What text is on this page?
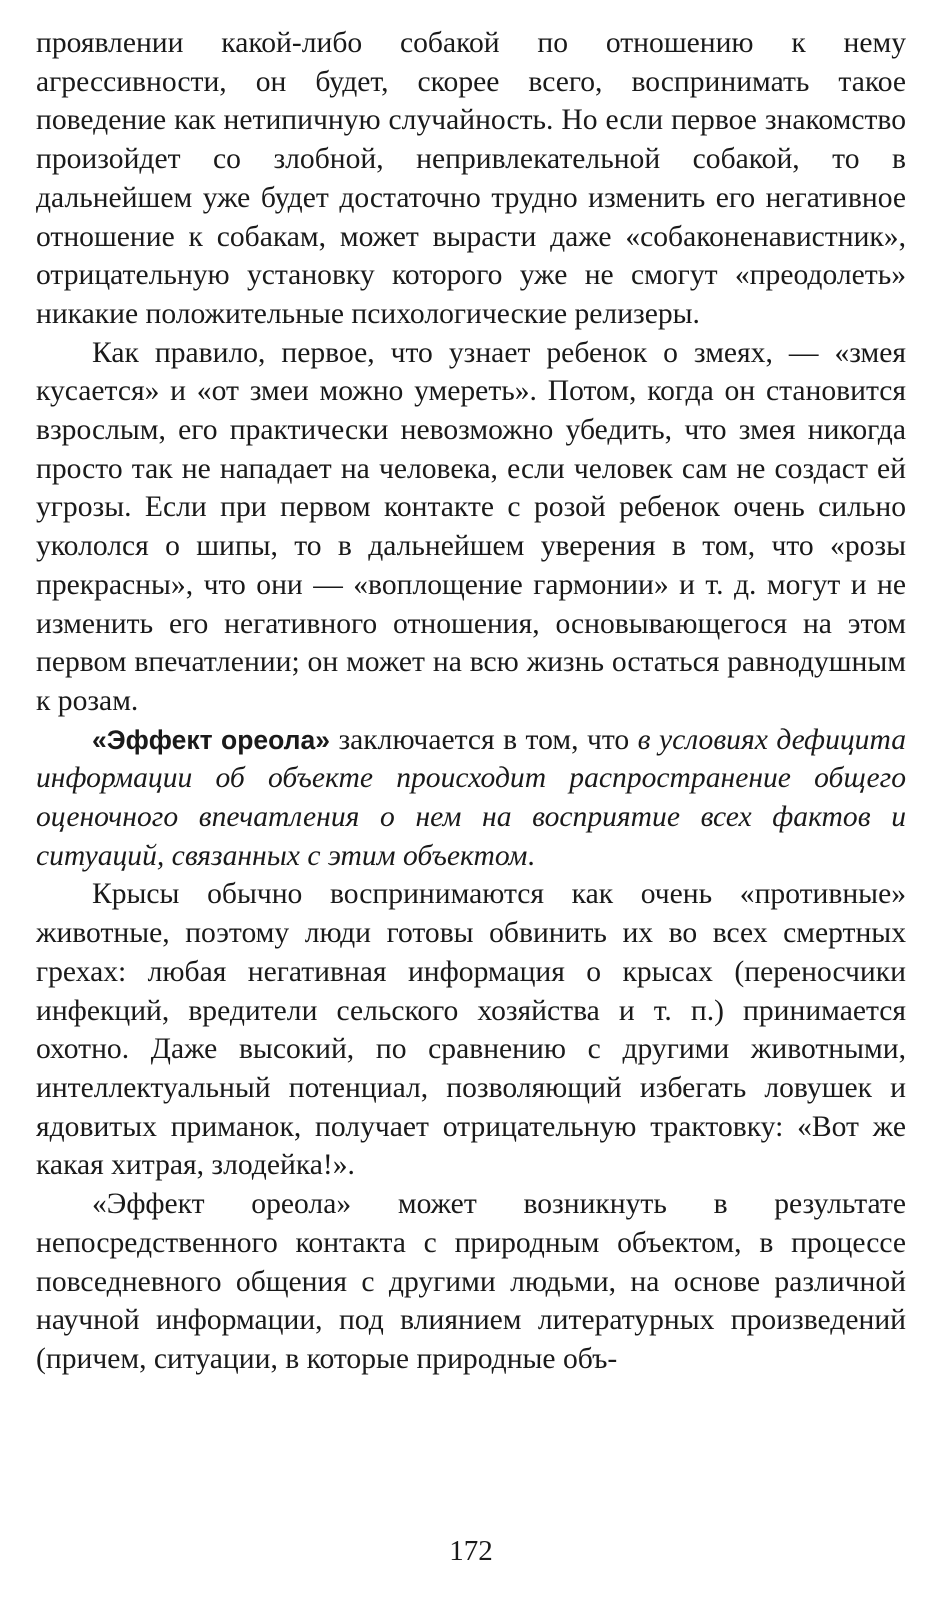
проявлении какой-либо собакой по отношению к нему агрессивности, он будет, скорее всего, воспринимать такое поведение как нетипичную случайность. Но если первое знакомство произойдет со злобной, непривлекательной собакой, то в дальнейшем уже будет достаточно трудно изменить его негативное отношение к собакам, может вырасти даже «собаконенавистник», отрицательную установку которого уже не смогут «преодолеть» никакие положительные психологические релизеры.

Как правило, первое, что узнает ребенок о змеях, — «змея кусается» и «от змеи можно умереть». Потом, когда он становится взрослым, его практически невозможно убедить, что змея никогда просто так не нападает на человека, если человек сам не создаст ей угрозы. Если при первом контакте с розой ребенок очень сильно укололся о шипы, то в дальнейшем уверения в том, что «розы прекрасны», что они — «воплощение гармонии» и т. д. могут и не изменить его негативного отношения, основывающегося на этом первом впечатлении; он может на всю жизнь остаться равнодушным к розам.

«Эффект ореола» заключается в том, что в условиях дефицита информации об объекте происходит распространение общего оценочного впечатления о нем на восприятие всех фактов и ситуаций, связанных с этим объектом.

Крысы обычно воспринимаются как очень «противные» животные, поэтому люди готовы обвинить их во всех смертных грехах: любая негативная информация о крысах (переносчики инфекций, вредители сельского хозяйства и т. п.) принимается охотно. Даже высокий, по сравнению с другими животными, интеллектуальный потенциал, позволяющий избегать ловушек и ядовитых приманок, получает отрицательную трактовку: «Вот же какая хитрая, злодейка!».

«Эффект ореола» может возникнуть в результате непосредственного контакта с природным объектом, в процессе повседневного общения с другими людьми, на основе различной научной информации, под влиянием литературных произведений (причем, ситуации, в которые природные объ-

172
